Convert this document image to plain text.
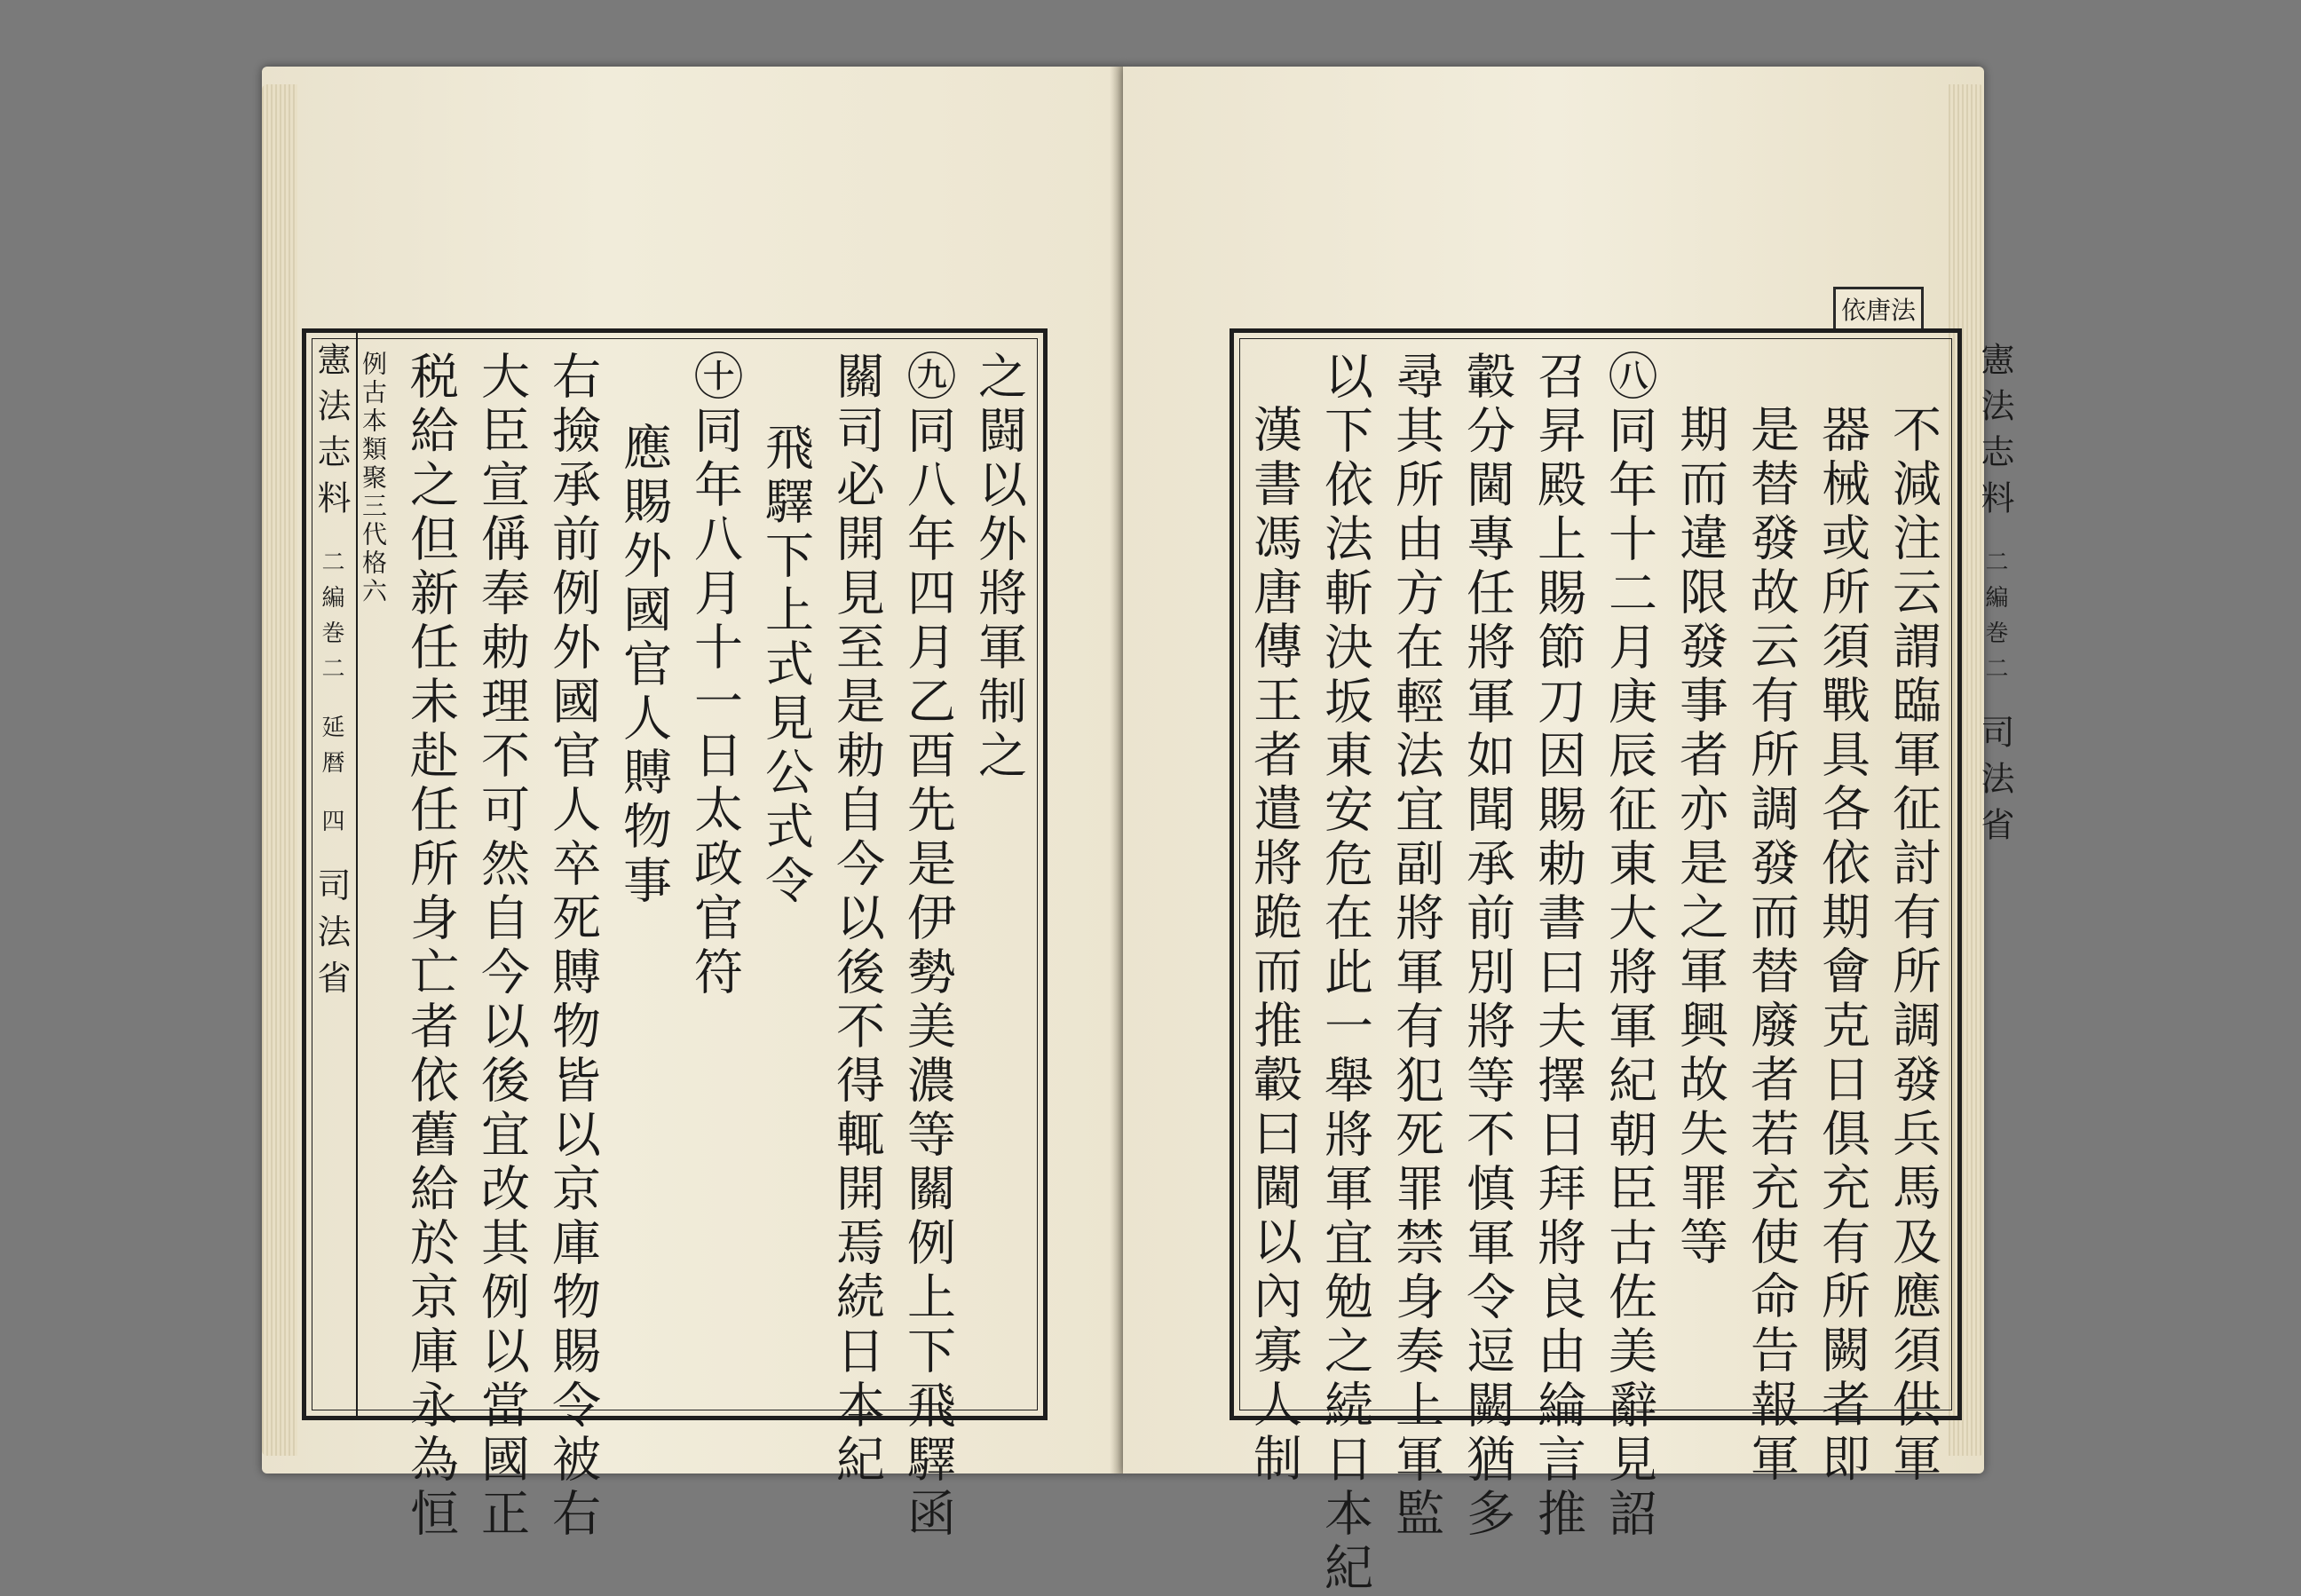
憲法志料 二編巻二 延暦 四 司法省
之闘以外將軍制之
㊈同八年四月乙酉先是伊勢美濃等關例上下飛驛函
關司必開見至是勅自今以後不得輒開焉続日本紀
飛驛下上式見公式令
㊉同年八月十一日太政官符
應賜外國官人賻物事
右撿承前例外國官人卒死賻物皆以京庫物賜令被右
大臣宣偁奉勅理不可然自今以後宜改其例以當國正
税給之但新任未赴任所身亡者依舊給於京庫永為恒
例古本類聚三代格六
依唐法
不減注云謂臨軍征討有所調發兵馬及應須供軍
器械或所須戰具各依期會克日俱充有所闕者即
是替發故云有所調發而替廢者若充使命告報軍
期而違限發事者亦是之軍興故失罪等
㊇同年十二月庚辰征東大將軍紀朝臣古佐美辭見詔
召昇殿上賜節刀因賜勅書曰夫擇日拜將良由綸言推
轂分閫專任將軍如聞承前別將等不慎軍令逗闕猶多
尋其所由方在輕法宜副將軍有犯死罪禁身奏上軍監
以下依法斬決坂東安危在此一舉將軍宜勉之続日本紀
漢書馮唐傳王者遣將跪而推轂曰閫以內寡人制	憲法志料 二編巻二 司法省
